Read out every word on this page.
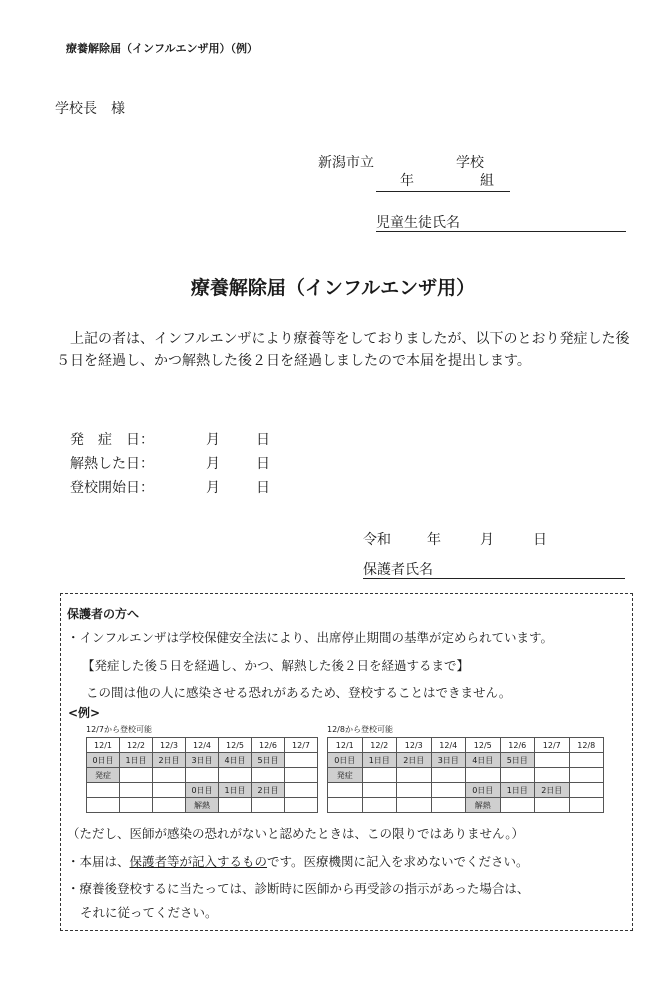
療養解除届（インフルエンザ用）（例）
学校長　様
新潟市立	学校
年	組
児童生徒氏名
療養解除届（インフルエンザ用）
　上記の者は、インフルエンザにより療養等をしておりましたが、以下のとおり発症した後５日を経過し、かつ解熱した後２日を経過しましたので本届を提出します。
発　症　日：	月	日
解熱した日：	月	日
登校開始日：	月	日
令和	年	月	日
保護者氏名
保護者の方へ
・インフルエンザは学校保健安全法により、出席停止期間の基準が定められています。
【発症した後５日を経過し、かつ、解熱した後２日を経過するまで】
この間は他の人に感染させる恐れがあるため、登校することはできません。
<例>
12/7から登校可能	12/8から登校可能
12/1	12/2	12/3	12/4	12/5	12/6	12/7
0日目	1日目	2日目	3日目	4日目	5日目	
発症						
			0日目	1日目	2日目	
			解熱			
12/1	12/2	12/3	12/4	12/5	12/6	12/7	12/8
0日目	1日目	2日目	3日目	4日目	5日目		
発症							
				0日目	1日目	2日目	
				解熱			
（ただし、医師が感染の恐れがないと認めたときは、この限りではありません。）
・本届は、保護者等が記入するものです。医療機関に記入を求めないでください。
・療養後登校するに当たっては、診断時に医師から再受診の指示があった場合は、
それに従ってください。
